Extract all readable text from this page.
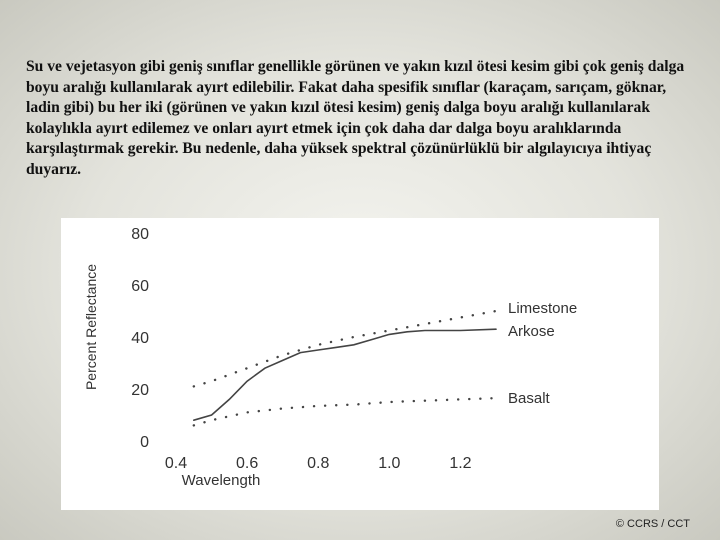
Su ve vejetasyon gibi geniş sınıflar genellikle görünen ve yakın kızıl ötesi kesim gibi çok geniş dalga boyu aralığı kullanılarak ayırt edilebilir. Fakat daha spesifik sınıflar (karaçam, sarıçam, göknar, ladin gibi) bu her iki (görünen ve yakın kızıl ötesi kesim) geniş dalga boyu aralığı kullanılarak kolaylıkla ayırt edilemez ve onları ayırt etmek için çok daha dar dalga boyu aralıklarında karşılaştırmak gerekir. Bu nedenle, daha yüksek spektral çözünürlüklü bir algılayıcıya ihtiyaç duyarız.

0
20
40
60
80
0.4	0.6	0.8	1.0	1.2
Wavelength
Percent Reflectance	Limestone
Arkose
Basalt
© CCRS / CCT
